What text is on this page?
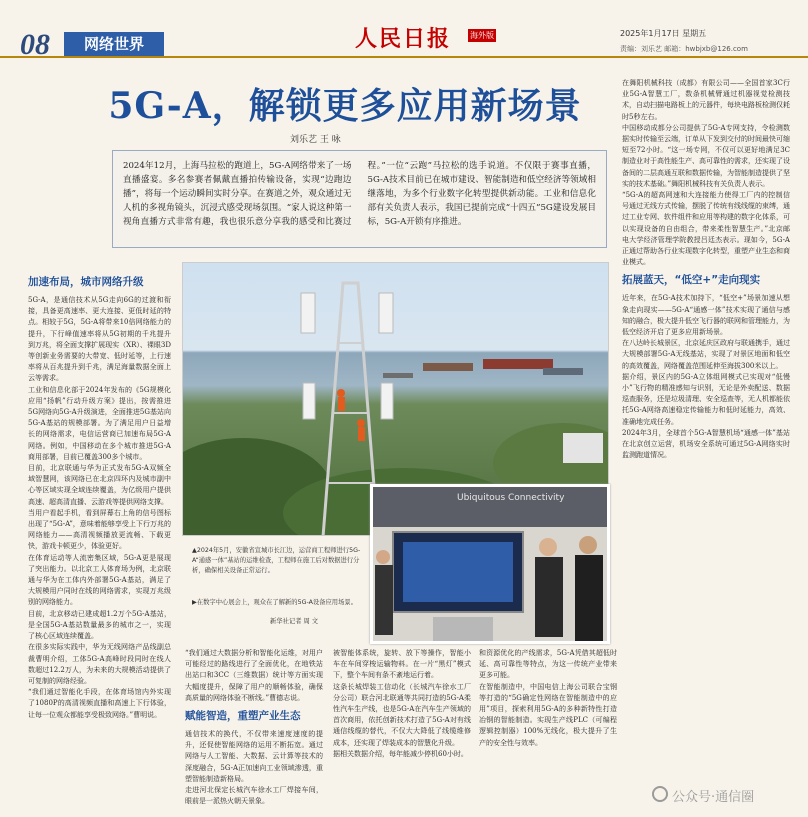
08	网络世界	人民日报 海外版	2025年1月17日 星期五
责编：刘乐艺 邮箱：hwbjxb@126.com
5G-A，解锁更多应用新场景
刘乐艺 王 咏

2024年12月，上海马拉松的跑道上，5G-A网络带来了一场直播盛宴。多名参赛者佩戴直播拍传输设备，实现“边跑边播”，将每一个运动瞬间实时分享。在赛道之外，观众通过无人机的多视角镜头，沉浸式感受现场氛围。“家人说这种第一视角直播方式非常有趣，我也很乐意分享我的感受和比赛过程。”一位“云跑”马拉松的选手说道。不仅限于赛事直播，5G-A技术目前已在城市建设、智能制造和低空经济等领域相继落地，为多个行业数字化转型提供新动能。工业和信息化部有关负责人表示，我国已提前完成“十四五”5G建设发展目标，5G-A开锁有序推进。

加速布局，城市网络升级

5G-A，是通信技术从5G走向6G的过渡和衔接，具备更高速率、更大连接、更低时延的特点。相较于5G，5G-A将带来10倍网络能力的提升，下行峰值速率将从5G初期的千兆提升到万兆，将全面支撑扩展现实（XR）、裸眼3D等创新业务需要的大带宽、低时延等，上行速率将从百兆提升到千兆，满足海量数据全面上云等需求。

工业和信息化部于2024年发布的《5G规模化应用“扬帆”行动升级方案》提出，按需推进5G网络向5G-A升级演进，全面推进5G基站向5G-A基站的规模部署。为了满足用户日益增长的网络需求，电信运营商已加速布局5G-A网络。例如，中国移动在多个城市推进5G-A商用部署，目前已覆盖300多个城市。

目前，北京联通与华为正式发布5G-A双频全域智慧网，该网络已在北京四环内及城市副中心等区域实现全域连续覆盖，为亿级用户提供高速、超高清直播、云游戏等提供网络支撑。

当用户看起手机，看到屏幕右上角的信号图标出现了“5G-A”，意味着能够享受上下行万兆的网络能力——高清视频播放更流畅、下载更快，游戏卡顿更少，体验更好。

在体育运动等人流密集区域，5G-A更是展现了突出能力。以北京工人体育场为例，北京联通与华为在工体内外部署5G-A基站，满足了大规模用户同时在线的网络需求，实现万兆级别的网络能力。

目前，北京移动已建成超1.2万个5G-A基站，是全国5G-A基站数量最多的城市之一，实现了核心区域连续覆盖。

在很多实际实践中，华为无线网络产品线副总裁曹明介绍，工体5G-A高峰时段同时在线人数超过12.2万人，为未来的大规模活动提供了可复制的网络经验。

“我们通过智能化手段，在体育场馆内外实现了1080P的高清视频直播和高速上下行体验，让每一位观众都能享受极致网络。”曹明说。

Ubiquitous Connectivity
▲2024年5月，安徽省宣城市长江边，运营商工程师进行5G-A“通感一体”基站的运维检查，工程师在施工后对数据进行分析，确保相关设备正常运行。
▶在数字中心展会上，观众在了解新的5G-A设备应用场景。
新华社记者 周 文

“我们通过大数据分析和智能化运维，对用户可能经过的路线进行了全面优化，在地铁站出站口和3CC（三维数据）统计等方面实现大幅度提升，保障了用户的顺畅体验，确保高质量的网络体验不断线。”曹德志说。

赋能智造，重塑产业生态

通信技术的换代，不仅带来速度速度的提升，还促使智能网络的运用不断拓宽。通过网络与人工智能、大数据、云计算等技术的深度融合，5G-A正加速向工业领域渗透，重塑智能制造新格局。

走进河北保定长城汽车徐水工厂焊接车间，眼前是一派热火朝天景象。

被智能体系统，旋转、放下等操作，智能小车在车间穿梭运输物料。在一片“黑灯”模式下，整个车间有条不紊地运行着。

这条长城焊装工信动化（长城汽车徐水工厂分公司）联合河北联通等共同打造的5G-A柔性汽车生产线，也是5G-A在汽车生产领域的首次商用，依托创新技术打造了5G-A对有线通信线缆的替代，不仅大大降低了线缆维修成本，还实现了焊装成本的智慧化升级。

据相关数据介绍，每年能减少停机60小时。

和资源优化的产线需求，5G-A凭借其超低时延、高可靠性等特点，为这一传统产业带来更多可能。

在智能制造中，中国电信上海公司联合宝钢等打造的“5G确定性网络在智能制造中的应用”项目，探索利用5G-A的多种新特性打造冶钢的智能制造。实现生产线PLC（可编程逻辑控制器）100%无线化，极大提升了生产的安全性与效率。

在舞阳机械科技（成都）有限公司——全国首家3C行业5G-A智慧工厂，数条机械臂通过机器视觉检测技术，自动扫描电路板上的元器件，每块电路板检测仅耗时5秒左右。

中国移动成都分公司提供了5G-A专网支持，令检测数据实时传输至云端，订单从下发到交付的时间最快可缩短至72小时。“这一场专网，不仅可以更好地满足3C制造业对于高性能生产、高可靠性的需求，还实现了设备间的二层高通互联和数据传输，为智能制造提供了坚实的技术基础。”舞阳机械科技有关负责人表示。

“5G-A的超高网速和大连接能力使得工厂内的控制信号通过无线方式传输，摆脱了传统有线线缆的束缚，通过工业专网、软件组件和应用等构建的数字化体系，可以实现设备的自由组合，带来柔性智慧生产。”北京邮电大学经济管理学院教授吕廷杰表示。现如今，5G-A正通过帮助各行业实现数字化转型，重塑产业生态和商业模式。

拓展蓝天，“低空+”走向现实

近年来，在5G-A技术加持下，“低空+”场景加速从想象走向现实——5G-A“通感一体”技术实现了通信与感知的融合，极大提升低空飞行器的联网和管理能力，为低空经济开启了更多应用新场景。

在八达岭长城景区，北京延庆区政府与联通携手，通过大规模部署5G-A无线基站，实现了对景区地面和低空的高效覆盖，网络覆盖范围延伸至海拔300米以上。

据介绍，景区内的5G-A立体组网模式已实现对“低慢小”飞行物的精准感知与识别，无论是外卖配送、数据巡查服务，还是垃圾清理、安全巡查等，无人机都能依托5G-A网络高速稳定传输能力和低时延能力，高效、准确地完成任务。

2024年3月，全球首个5G-A智慧机场“通感一体”基站在北京创立运营，机场安全系统可通过5G-A网络实时监测跑道情况。

公众号·通信圈
